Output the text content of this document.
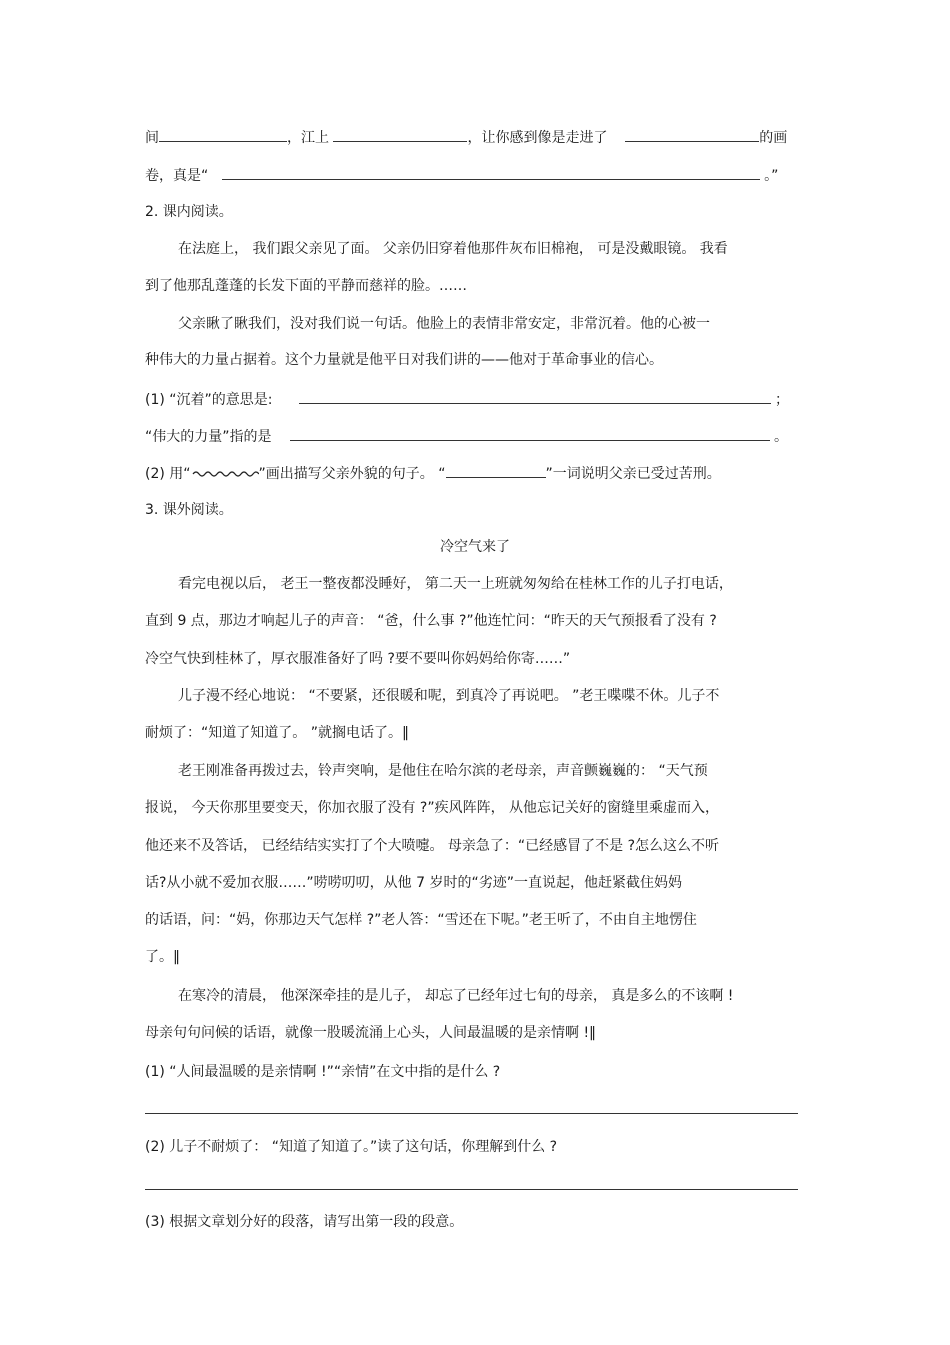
间	，江上	，让你感到像是走进了	的画
卷，真是“	。”
2. 课内阅读。
在法庭上， 我们跟父亲见了面。 父亲仍旧穿着他那件灰布旧棉袍， 可是没戴眼镜。 我看
到了他那乱蓬蓬的长发下面的平静而慈祥的脸。……
父亲瞅了瞅我们，没对我们说一句话。他脸上的表情非常安定，非常沉着。他的心被一
种伟大的力量占据着。这个力量就是他平日对我们讲的——他对于革命事业的信心。
(1) “沉着”的意思是:	；
“伟大的力量”指的是	。
(2) 用“	”画出描写父亲外貌的句子。 “	”一词说明父亲已受过苦刑。
3. 课外阅读。
冷空气来了
看完电视以后， 老王一整夜都没睡好， 第二天一上班就匆匆给在桂林工作的儿子打电话，
直到 9 点，那边才响起儿子的声音： “爸，什么事 ?”他连忙问：“昨天的天气预报看了没有 ?
冷空气快到桂林了，厚衣服准备好了吗 ?要不要叫你妈妈给你寄……”
儿子漫不经心地说： “不要紧，还很暖和呢，到真冷了再说吧。 ”老王喋喋不休。儿子不
耐烦了：“知道了知道了。 ”就搁电话了。‖
老王刚准备再拨过去，铃声突响，是他住在哈尔滨的老母亲，声音颤巍巍的： “天气预
报说， 今天你那里要变天，你加衣服了没有 ?”疾风阵阵， 从他忘记关好的窗缝里乘虚而入，
他还来不及答话， 已经结结实实打了个大喷嚏。 母亲急了：“已经感冒了不是 ?怎么这么不听
话?从小就不爱加衣服……”唠唠叨叨，从他 7 岁时的“劣迹”一直说起，他赶紧截住妈妈
的话语，问：“妈，你那边天气怎样 ?”老人答：“雪还在下呢。”老王听了，不由自主地愣住
了。‖
在寒冷的清晨， 他深深牵挂的是儿子， 却忘了已经年过七旬的母亲， 真是多么的不该啊 !
母亲句句问候的话语，就像一股暖流涌上心头，人间最温暖的是亲情啊 !‖
(1) “人间最温暖的是亲情啊 !”“亲情”在文中指的是什么 ?
(2) 儿子不耐烦了： “知道了知道了。”读了这句话，你理解到什么 ?
(3) 根据文章划分好的段落，请写出第一段的段意。
